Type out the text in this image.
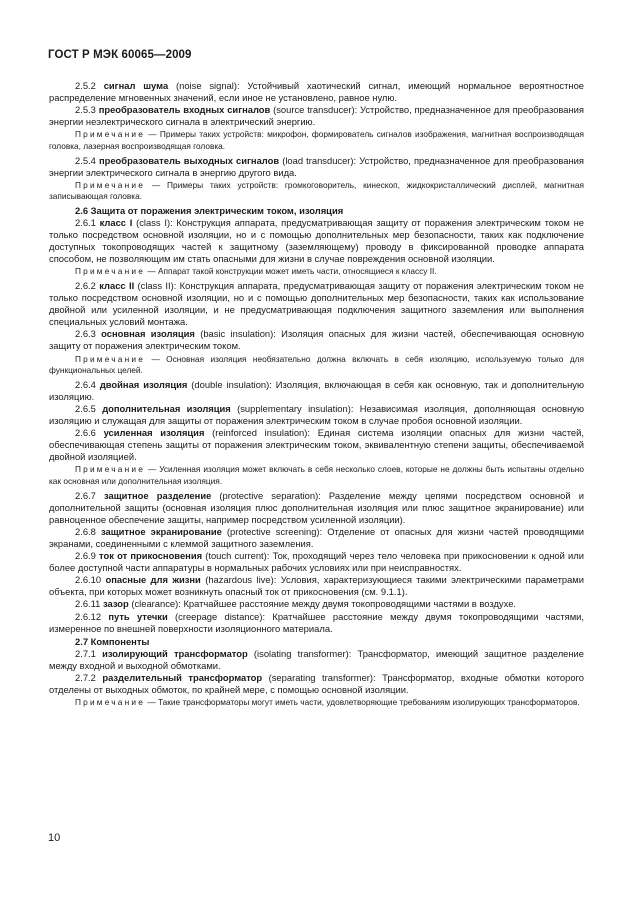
ГОСТ Р МЭК 60065—2009

2.5.2 сигнал шума (noise signal): Устойчивый хаотический сигнал, имеющий нормальное вероятностное распределение мгновенных значений, если иное не установлено, равное нулю.

2.5.3 преобразователь входных сигналов (source transducer): Устройство, предназначенное для преобразования энергии неэлектрического сигнала в электрический энергию.

Примечание — Примеры таких устройств: микрофон, формирователь сигналов изображения, магнитная воспроизводящая головка, лазерная воспроизводящая головка.

2.5.4 преобразователь выходных сигналов (load transducer): Устройство, предназначенное для преобразования энергии электрического сигнала в энергию другого вида.

Примечание — Примеры таких устройств: громкоговоритель, кинескоп, жидкокристаллический дисплей, магнитная записывающая головка.

2.6 Защита от поражения электрическим током, изоляция

2.6.1 класс I (class I): Конструкция аппарата, предусматривающая защиту от поражения электрическим током не только посредством основной изоляции, но и с помощью дополнительных мер безопасности, таких как подключение доступных токопроводящих частей к защитному (заземляющему) проводу в фиксированной проводке аппарата способом, не позволяющим им стать опасными для жизни в случае повреждения основной изоляции.

Примечание — Аппарат такой конструкции может иметь части, относящиеся к классу II.

2.6.2 класс II (class II): Конструкция аппарата, предусматривающая защиту от поражения электрическим током не только посредством основной изоляции, но и с помощью дополнительных мер безопасности, таких как использование двойной или усиленной изоляции, и не предусматривающая подключения защитного заземления или выполнения специальных условий монтажа.

2.6.3 основная изоляция (basic insulation): Изоляция опасных для жизни частей, обеспечивающая основную защиту от поражения электрическим током.

Примечание — Основная изоляция необязательно должна включать в себя изоляцию, используемую только для функциональных целей.

2.6.4 двойная изоляция (double insulation): Изоляция, включающая в себя как основную, так и дополнительную изоляцию.

2.6.5 дополнительная изоляция (supplementary insulation): Независимая изоляция, дополняющая основную изоляцию и служащая для защиты от поражения электрическим током в случае пробоя основной изоляции.

2.6.6 усиленная изоляция (reinforced insulation): Единая система изоляции опасных для жизни частей, обеспечивающая степень защиты от поражения электрическим током, эквивалентную степени защиты, обеспечиваемой двойной изоляцией.

Примечание — Усиленная изоляция может включать в себя несколько слоев, которые не должны быть испытаны отдельно как основная или дополнительная изоляция.

2.6.7 защитное разделение (protective separation): Разделение между цепями посредством основной и дополнительной защиты (основная изоляция плюс дополнительная изоляция или плюс защитное экранирование) или равноценное обеспечение защиты, например посредством усиленной изоляции).

2.6.8 защитное экранирование (protective screening): Отделение от опасных для жизни частей проводящими экранами, соединенными с клеммой защитного заземления.

2.6.9 ток от прикосновения (touch current): Ток, проходящий через тело человека при прикосновении к одной или более доступной части аппаратуры в нормальных рабочих условиях или при неисправностях.

2.6.10 опасные для жизни (hazardous live): Условия, характеризующиеся такими электрическими параметрами объекта, при которых может возникнуть опасный ток от прикосновения (см. 9.1.1).

2.6.11 зазор (clearance): Кратчайшее расстояние между двумя токопроводящими частями в воздухе.

2.6.12 путь утечки (creepage distance): Кратчайшее расстояние между двумя токопроводящими частями, измеренное по внешней поверхности изоляционного материала.

2.7 Компоненты

2.7.1 изолирующий трансформатор (isolating transformer): Трансформатор, имеющий защитное разделение между входной и выходной обмотками.

2.7.2 разделительный трансформатор (separating transformer): Трансформатор, входные обмотки которого отделены от выходных обмоток, по крайней мере, с помощью основной изоляции.

Примечание — Такие трансформаторы могут иметь части, удовлетворяющие требованиям изолирующих трансформаторов.

10
